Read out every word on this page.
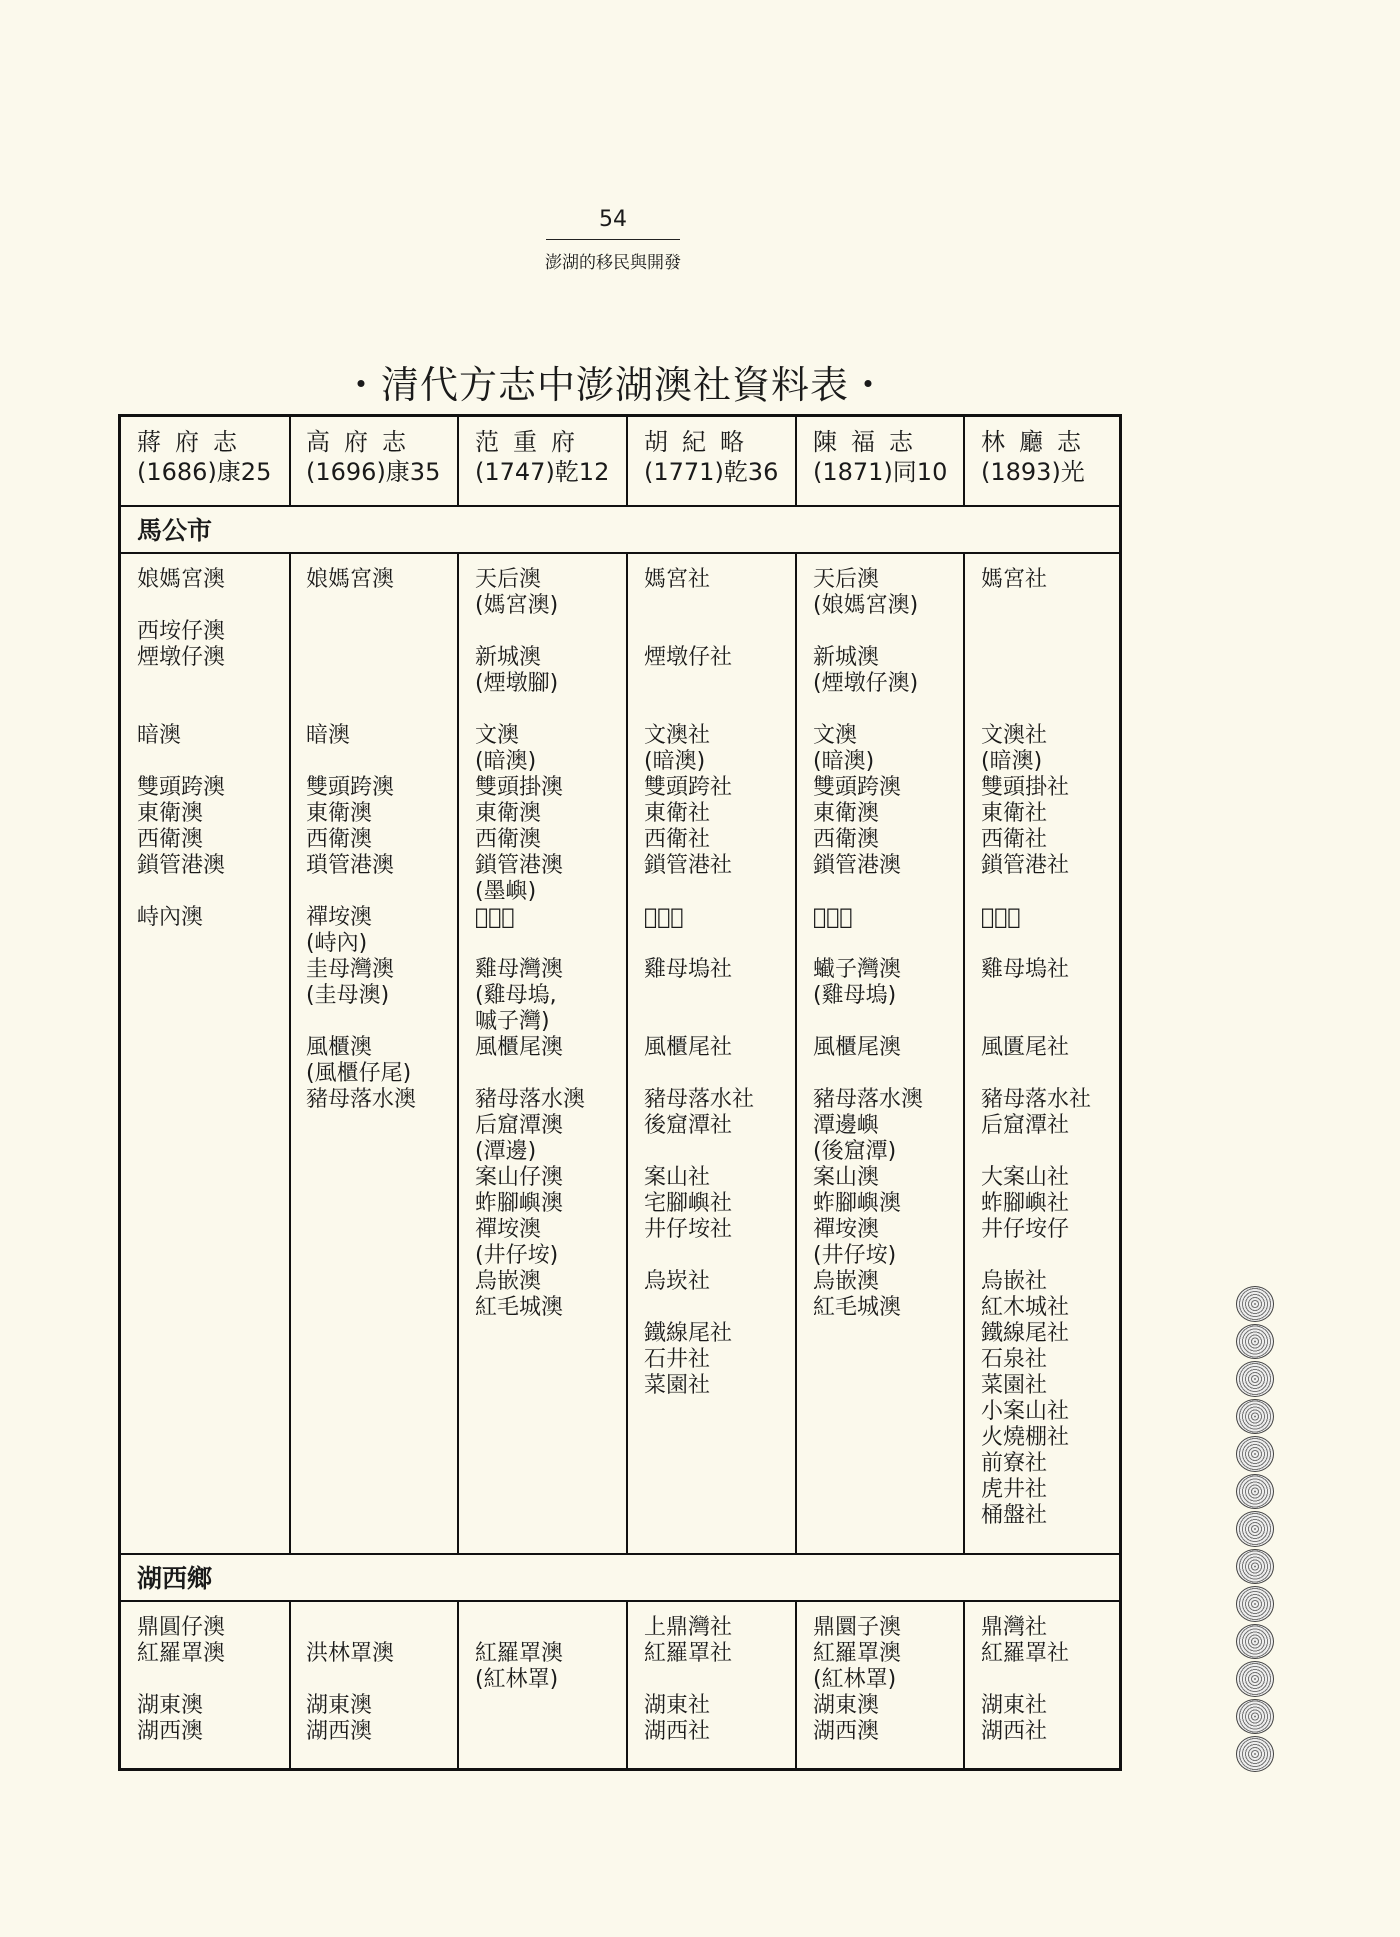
54
澎湖的移民與開發
・清代方志中澎湖澳社資料表・
蔣府志
(1686)康25
高府志
(1696)康35
范重府
(1747)乾12
胡紀略
(1771)乾36
陳福志
(1871)同10
林廳志
(1893)光
馬公市
娘媽宮澳
西垵仔澳
煙墩仔澳
暗澳
雙頭跨澳
東衛澳
西衛澳
鎖管港澳
峙內澳
娘媽宮澳
暗澳
雙頭跨澳
東衛澳
西衛澳
瑣管港澳
禪垵澳
(峙內)
圭母灣澳
(圭母澳)
風櫃澳
(風櫃仔尾)
豬母落水澳
天后澳
(媽宮澳)
新城澳
(煙墩腳)
文澳
(暗澳)
雙頭掛澳
東衛澳
西衛澳
鎖管港澳
(墨嶼)
𡶛裡澳
雞母灣澳
(雞母塢,
嘁子灣)
風櫃尾澳
豬母落水澳
后窟潭澳
(潭邊)
案山仔澳
蚱腳嶼澳
禪垵澳
(井仔垵)
烏嵌澳
紅毛城澳
媽宮社
煙墩仔社
文澳社
(暗澳)
雙頭跨社
東衛社
西衛社
鎖管港社
𡶛裡社
雞母塢社
風櫃尾社
豬母落水社
後窟潭社
案山社
宅腳嶼社
井仔垵社
烏崁社
鐵線尾社
石井社
菜園社
天后澳
(娘媽宮澳)
新城澳
(煙墩仔澳)
文澳
(暗澳)
雙頭跨澳
東衛澳
西衛澳
鎖管港澳
𡶛裡澳
蠘子灣澳
(雞母塢)
風櫃尾澳
豬母落水澳
潭邊嶼
(後窟潭)
案山澳
蚱腳嶼澳
禪垵澳
(井仔垵)
烏嵌澳
紅毛城澳
媽宮社
文澳社
(暗澳)
雙頭掛社
東衛社
西衛社
鎖管港社
𡶛裡社
雞母塢社
風匱尾社
豬母落水社
后窟潭社
大案山社
蚱腳嶼社
井仔垵仔
烏嵌社
紅木城社
鐵線尾社
石泉社
菜園社
小案山社
火燒棚社
前寮社
虎井社
桶盤社
湖西鄉
鼎圓仔澳
紅羅罩澳
湖東澳
湖西澳
洪林罩澳
湖東澳
湖西澳
紅羅罩澳
(紅林罩)
上鼎灣社
紅羅罩社
湖東社
湖西社
鼎圜子澳
紅羅罩澳
(紅林罩)
湖東澳
湖西澳
鼎灣社
紅羅罩社
湖東社
湖西社
